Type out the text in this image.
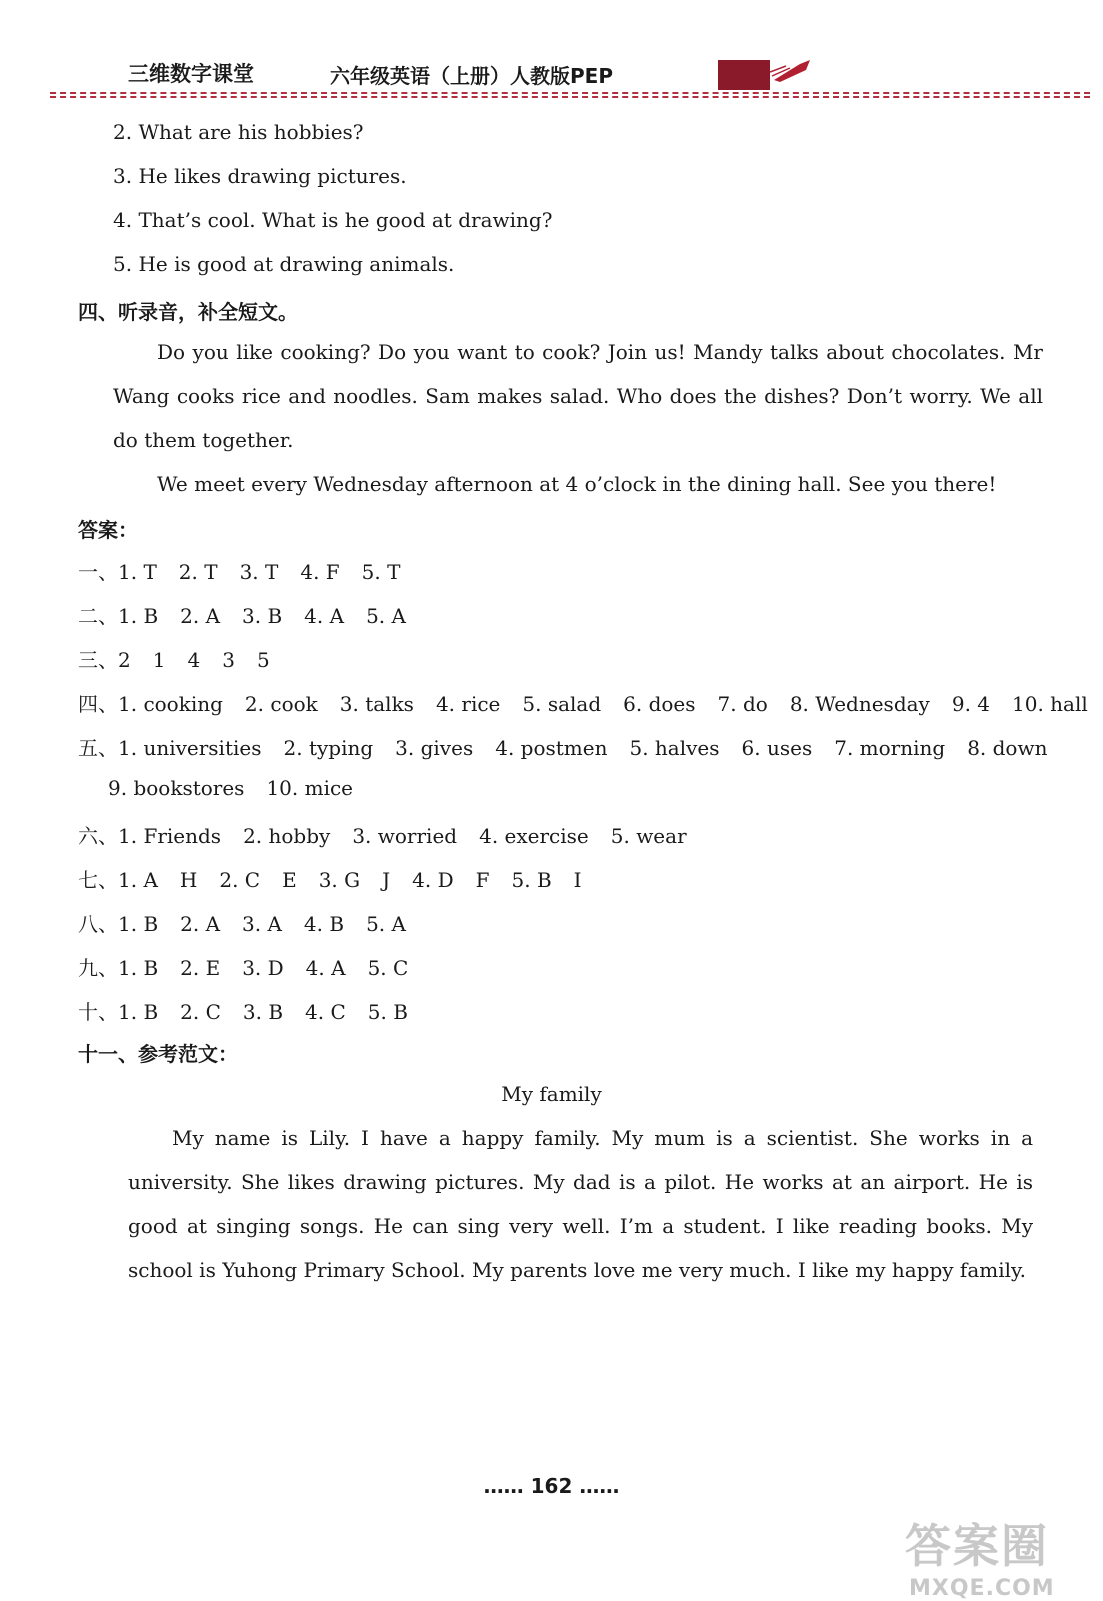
三维数字课堂	六年级英语（上册）人教版PEP
2. What are his hobbies?
3. He likes drawing pictures.
4. That’s cool. What is he good at drawing?
5. He is good at drawing animals.
四、听录音，补全短文。
Do you like cooking? Do you want to cook? Join us! Mandy talks about chocolates. Mr Wang cooks rice and noodles. Sam makes salad. Who does the dishes? Don’t worry. We all do them together.
We meet every Wednesday afternoon at 4 o’clock in the dining hall. See you there!
答案：
一、1. T 2. T 3. T 4. F 5. T
二、1. B 2. A 3. B 4. A 5. A
三、2 1 4 3 5
四、1. cooking 2. cook 3. talks 4. rice 5. salad 6. does 7. do 8. Wednesday 9. 4 10. hall
五、1. universities 2. typing 3. gives 4. postmen 5. halves 6. uses 7. morning 8. down
9. bookstores 10. mice
六、1. Friends 2. hobby 3. worried 4. exercise 5. wear
七、1. A H 2. C E 3. G J 4. D F 5. B I
八、1. B 2. A 3. A 4. B 5. A
九、1. B 2. E 3. D 4. A 5. C
十、1. B 2. C 3. B 4. C 5. B
十一、参考范文：
My family
My name is Lily. I have a happy family. My mum is a scientist. She works in a university. She likes drawing pictures. My dad is a pilot. He works at an airport. He is good at singing songs. He can sing very well. I’m a student. I like reading books. My school is Yuhong Primary School. My parents love me very much. I like my happy family.
…… 162 ……
答案圈
MXQE.COM
